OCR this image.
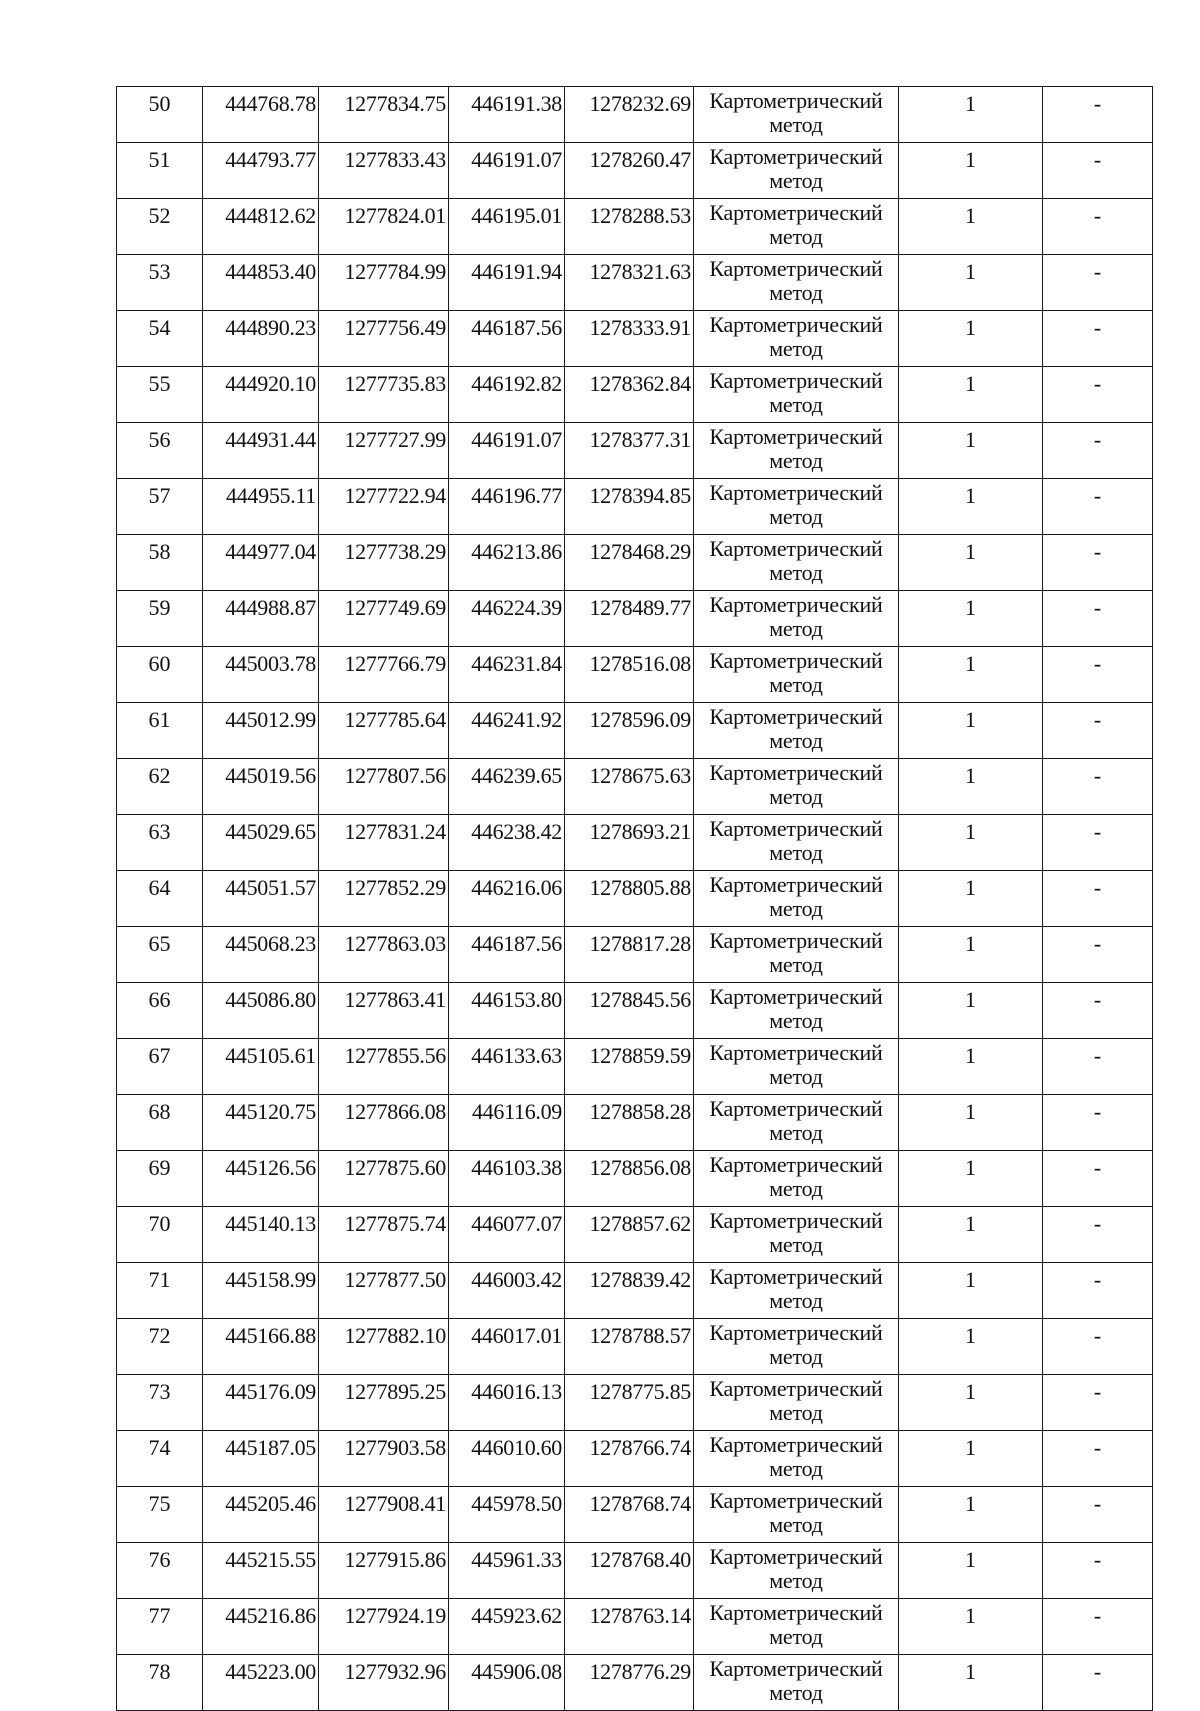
50	444768.78	1277834.75	446191.38	1278232.69	Картометрический
метод	1	-
51	444793.77	1277833.43	446191.07	1278260.47	Картометрический
метод	1	-
52	444812.62	1277824.01	446195.01	1278288.53	Картометрический
метод	1	-
53	444853.40	1277784.99	446191.94	1278321.63	Картометрический
метод	1	-
54	444890.23	1277756.49	446187.56	1278333.91	Картометрический
метод	1	-
55	444920.10	1277735.83	446192.82	1278362.84	Картометрический
метод	1	-
56	444931.44	1277727.99	446191.07	1278377.31	Картометрический
метод	1	-
57	444955.11	1277722.94	446196.77	1278394.85	Картометрический
метод	1	-
58	444977.04	1277738.29	446213.86	1278468.29	Картометрический
метод	1	-
59	444988.87	1277749.69	446224.39	1278489.77	Картометрический
метод	1	-
60	445003.78	1277766.79	446231.84	1278516.08	Картометрический
метод	1	-
61	445012.99	1277785.64	446241.92	1278596.09	Картометрический
метод	1	-
62	445019.56	1277807.56	446239.65	1278675.63	Картометрический
метод	1	-
63	445029.65	1277831.24	446238.42	1278693.21	Картометрический
метод	1	-
64	445051.57	1277852.29	446216.06	1278805.88	Картометрический
метод	1	-
65	445068.23	1277863.03	446187.56	1278817.28	Картометрический
метод	1	-
66	445086.80	1277863.41	446153.80	1278845.56	Картометрический
метод	1	-
67	445105.61	1277855.56	446133.63	1278859.59	Картометрический
метод	1	-
68	445120.75	1277866.08	446116.09	1278858.28	Картометрический
метод	1	-
69	445126.56	1277875.60	446103.38	1278856.08	Картометрический
метод	1	-
70	445140.13	1277875.74	446077.07	1278857.62	Картометрический
метод	1	-
71	445158.99	1277877.50	446003.42	1278839.42	Картометрический
метод	1	-
72	445166.88	1277882.10	446017.01	1278788.57	Картометрический
метод	1	-
73	445176.09	1277895.25	446016.13	1278775.85	Картометрический
метод	1	-
74	445187.05	1277903.58	446010.60	1278766.74	Картометрический
метод	1	-
75	445205.46	1277908.41	445978.50	1278768.74	Картометрический
метод	1	-
76	445215.55	1277915.86	445961.33	1278768.40	Картометрический
метод	1	-
77	445216.86	1277924.19	445923.62	1278763.14	Картометрический
метод	1	-
78	445223.00	1277932.96	445906.08	1278776.29	Картометрический
метод	1	-
